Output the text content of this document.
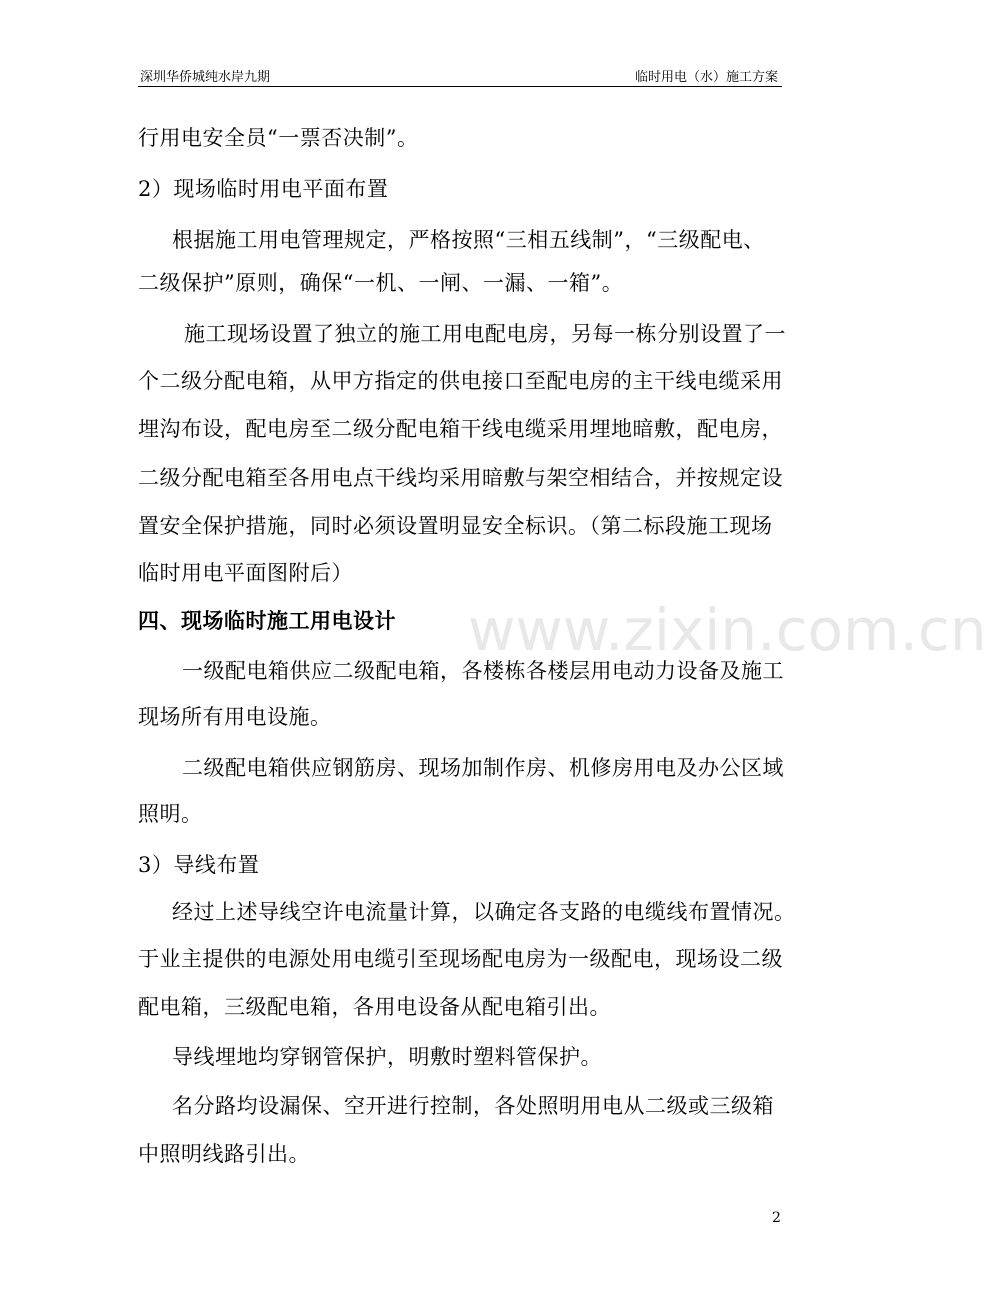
深圳华侨城纯水岸九期	临时用电（水）施工方案
行用电安全员“一票否决制”。
2）现场临时用电平面布置
根据施工用电管理规定，严格按照“三相五线制”，“三级配电、
二级保护”原则，确保“一机、一闸、一漏、一箱”。
施工现场设置了独立的施工用电配电房，另每一栋分别设置了一
个二级分配电箱，从甲方指定的供电接口至配电房的主干线电缆采用
埋沟布设，配电房至二级分配电箱干线电缆采用埋地暗敷，配电房，
二级分配电箱至各用电点干线均采用暗敷与架空相结合，并按规定设
置安全保护措施，同时必须设置明显安全标识。（第二标段施工现场
临时用电平面图附后）
四、现场临时施工用电设计
一级配电箱供应二级配电箱，各楼栋各楼层用电动力设备及施工
现场所有用电设施。
二级配电箱供应钢筋房、现场加制作房、机修房用电及办公区域
照明。
3）导线布置
经过上述导线空许电流量计算，以确定各支路的电缆线布置情况。
于业主提供的电源处用电缆引至现场配电房为一级配电，现场设二级
配电箱，三级配电箱，各用电设备从配电箱引出。
导线埋地均穿钢管保护，明敷时塑料管保护。
名分路均设漏保、空开进行控制，各处照明用电从二级或三级箱
中照明线路引出。
www.zixin.com.cn
2
